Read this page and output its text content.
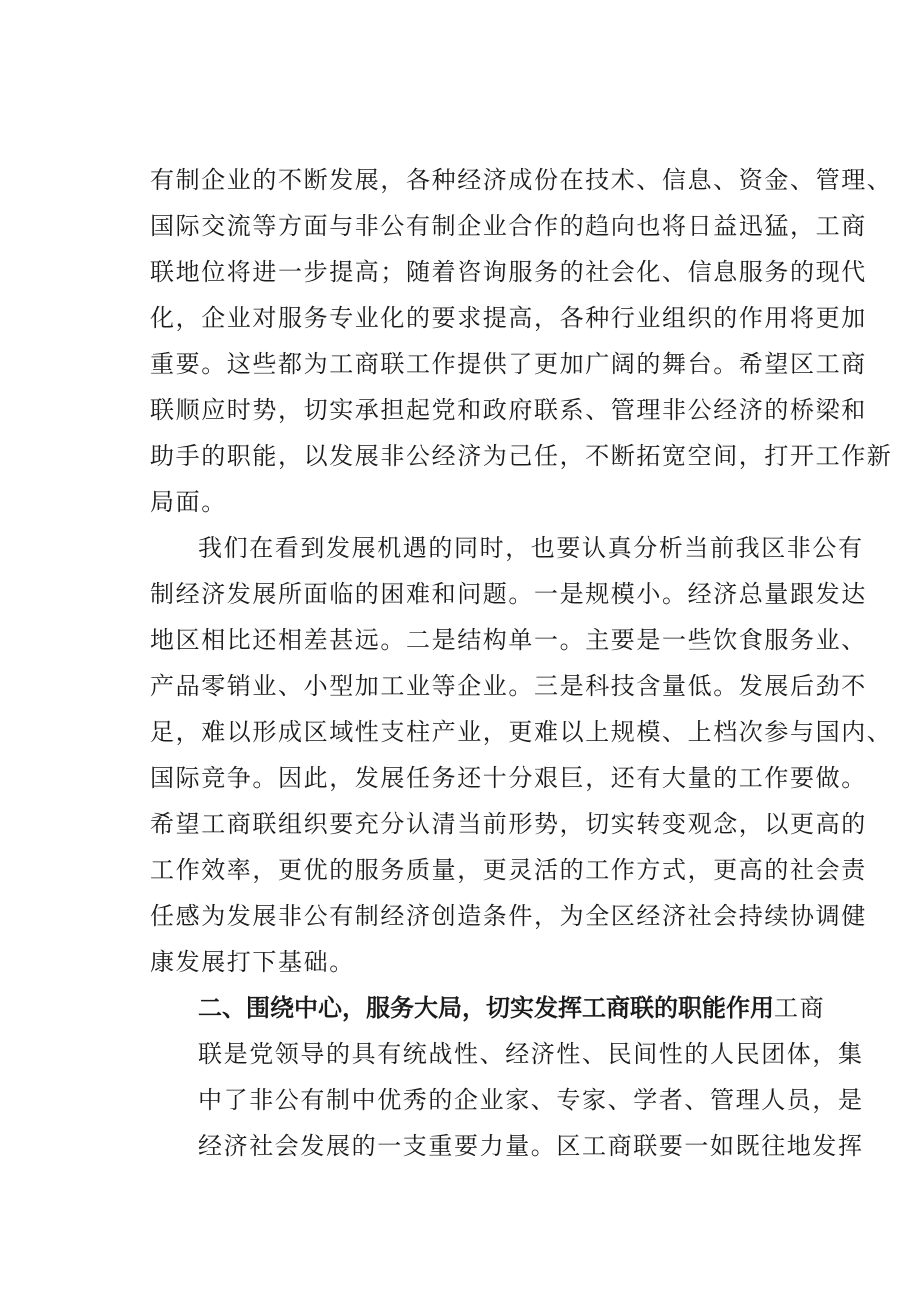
有制企业的不断发展，各种经济成份在技术、信息、资金、管理、
国际交流等方面与非公有制企业合作的趋向也将日益迅猛，工商
联地位将进一步提高；随着咨询服务的社会化、信息服务的现代
化，企业对服务专业化的要求提高，各种行业组织的作用将更加
重要。这些都为工商联工作提供了更加广阔的舞台。希望区工商
联顺应时势，切实承担起党和政府联系、管理非公经济的桥梁和
助手的职能，以发展非公经济为己任，不断拓宽空间，打开工作新
局面。
我们在看到发展机遇的同时，也要认真分析当前我区非公有
制经济发展所面临的困难和问题。一是规模小。经济总量跟发达
地区相比还相差甚远。二是结构单一。主要是一些饮食服务业、
产品零销业、小型加工业等企业。三是科技含量低。发展后劲不
足，难以形成区域性支柱产业，更难以上规模、上档次参与国内、
国际竞争。因此，发展任务还十分艰巨，还有大量的工作要做。
希望工商联组织要充分认清当前形势，切实转变观念，以更高的
工作效率，更优的服务质量，更灵活的工作方式，更高的社会责
任感为发展非公有制经济创造条件，为全区经济社会持续协调健
康发展打下基础。
二、围绕中心，服务大局，切实发挥工商联的职能作用工商
联是党领导的具有统战性、经济性、民间性的人民团体，集
中了非公有制中优秀的企业家、专家、学者、管理人员，是
经济社会发展的一支重要力量。区工商联要一如既往地发挥
